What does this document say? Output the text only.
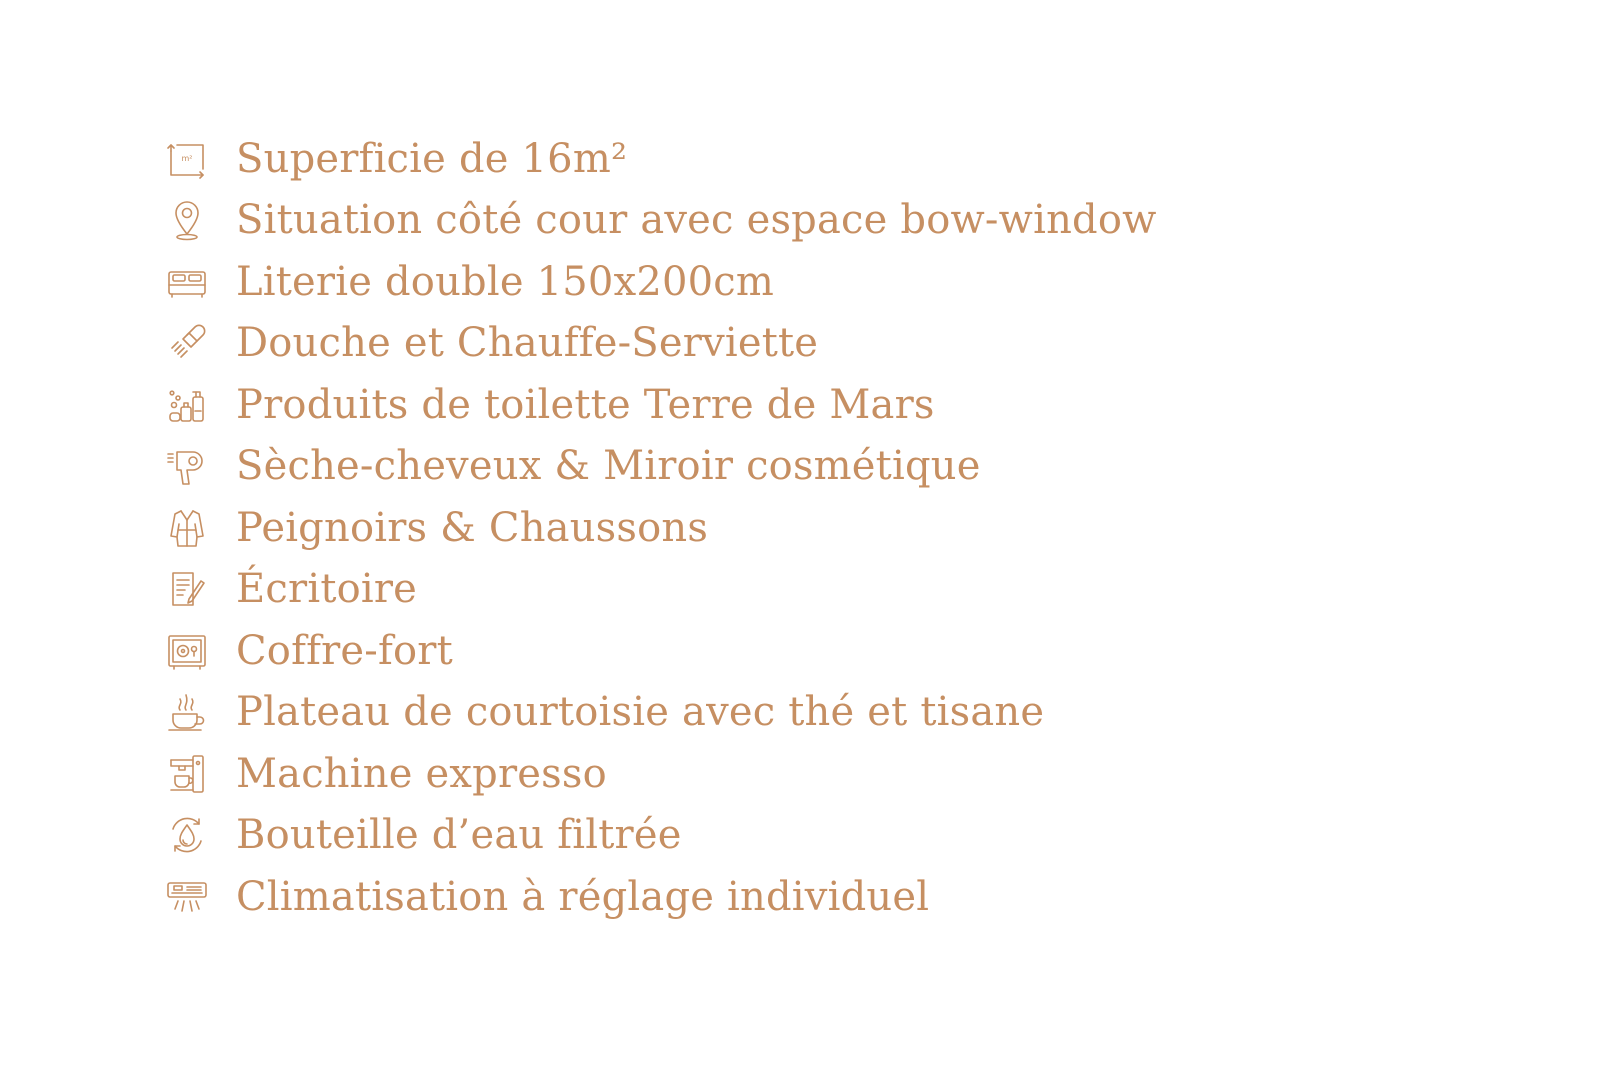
m² Superficie de 16m²
Situation côté cour avec espace bow-window
Literie double 150x200cm
Douche et Chauffe-Serviette
Produits de toilette Terre de Mars
Sèche-cheveux & Miroir cosmétique
Peignoirs & Chaussons
Écritoire
Coffre-fort
Plateau de courtoisie avec thé et tisane
Machine expresso
Bouteille d’eau filtrée
Climatisation à réglage individuel
